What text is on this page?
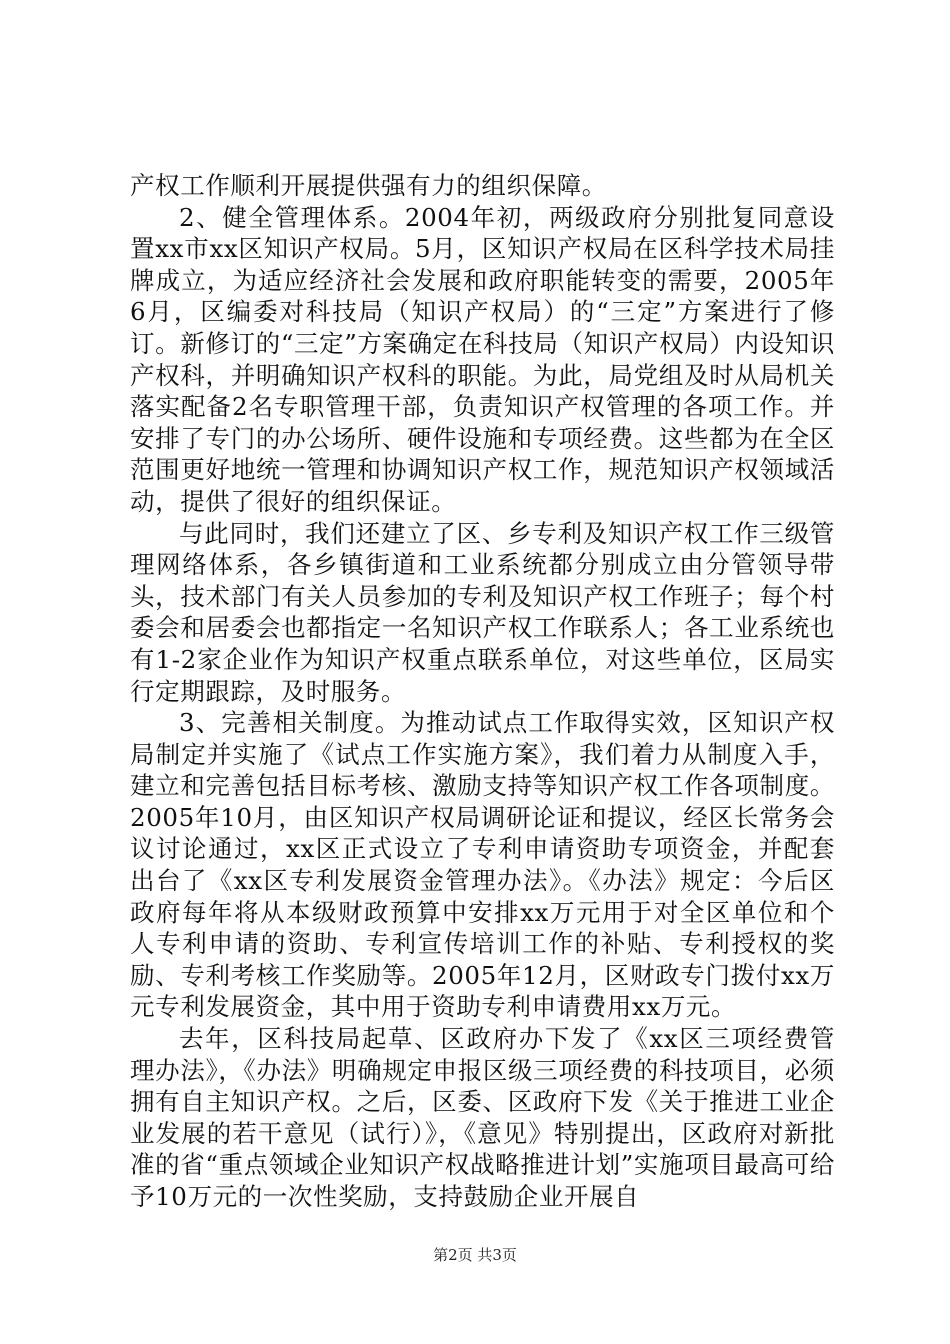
产权工作顺利开展提供强有力的组织保障。

2、健全管理体系。2004年初，两级政府分别批复同意设置xx市xx区知识产权局。5月，区知识产权局在区科学技术局挂牌成立，为适应经济社会发展和政府职能转变的需要，2005年6月，区编委对科技局（知识产权局）的“三定”方案进行了修订。新修订的“三定”方案确定在科技局（知识产权局）内设知识产权科，并明确知识产权科的职能。为此，局党组及时从局机关落实配备2名专职管理干部，负责知识产权管理的各项工作。并安排了专门的办公场所、硬件设施和专项经费。这些都为在全区范围更好地统一管理和协调知识产权工作，规范知识产权领域活动，提供了很好的组织保证。

与此同时，我们还建立了区、乡专利及知识产权工作三级管理网络体系，各乡镇街道和工业系统都分别成立由分管领导带头，技术部门有关人员参加的专利及知识产权工作班子；每个村委会和居委会也都指定一名知识产权工作联系人；各工业系统也有1-2家企业作为知识产权重点联系单位，对这些单位，区局实行定期跟踪，及时服务。

3、完善相关制度。为推动试点工作取得实效，区知识产权局制定并实施了《试点工作实施方案》，我们着力从制度入手，建立和完善包括目标考核、激励支持等知识产权工作各项制度。2005年10月，由区知识产权局调研论证和提议，经区长常务会议讨论通过，xx区正式设立了专利申请资助专项资金，并配套出台了《xx区专利发展资金管理办法》。《办法》规定：今后区政府每年将从本级财政预算中安排xx万元用于对全区单位和个人专利申请的资助、专利宣传培训工作的补贴、专利授权的奖励、专利考核工作奖励等。2005年12月，区财政专门拨付xx万元专利发展资金，其中用于资助专利申请费用xx万元。

去年，区科技局起草、区政府办下发了《xx区三项经费管理办法》，《办法》明确规定申报区级三项经费的科技项目，必须拥有自主知识产权。之后，区委、区政府下发《关于推进工业企业发展的若干意见（试行）》，《意见》特别提出，区政府对新批准的省“重点领域企业知识产权战略推进计划”实施项目最高可给予10万元的一次性奖励，支持鼓励企业开展自

第2页 共3页
